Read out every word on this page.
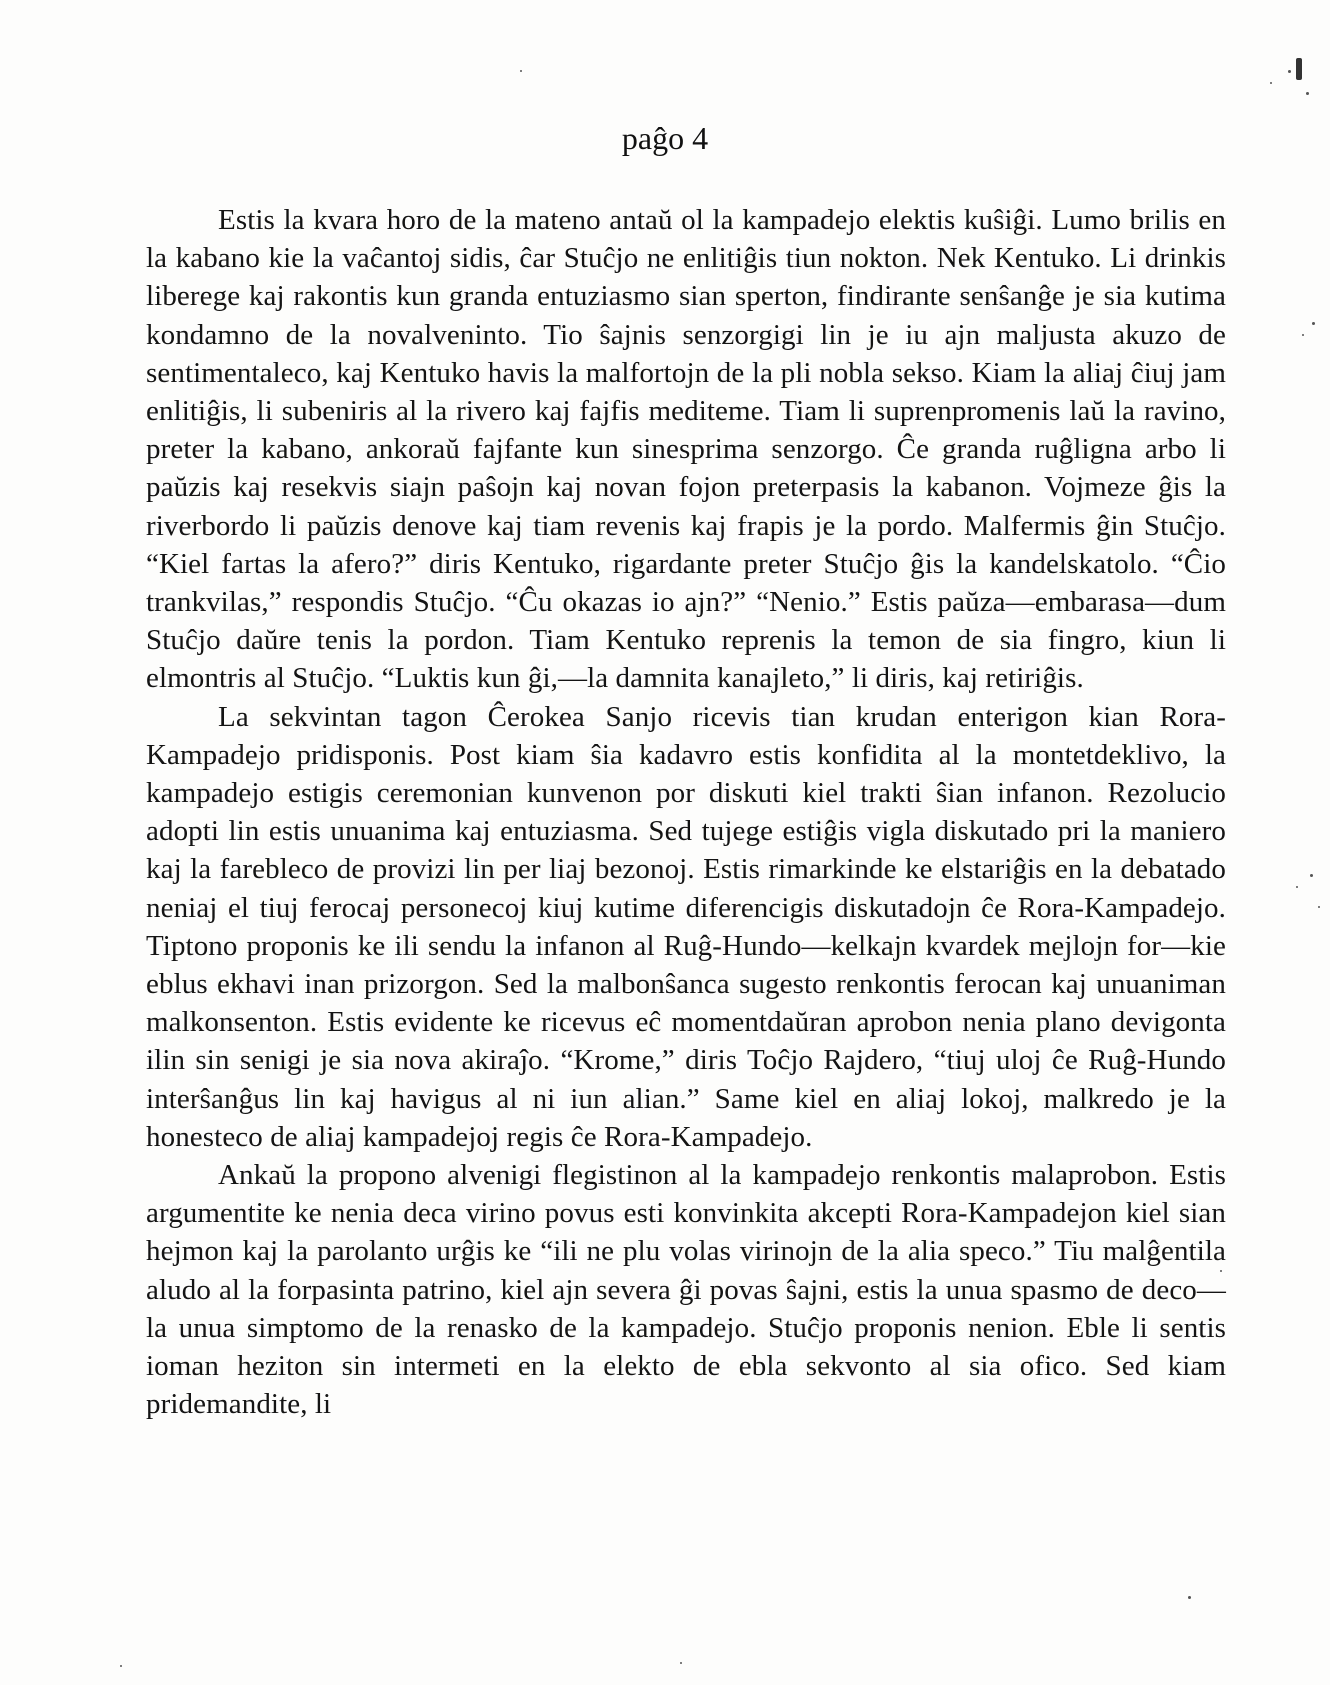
paĝo 4

Estis la kvara horo de la mateno antaŭ ol la kampadejo elektis kuŝiĝi. Lumo brilis en la kabano kie la vaĉantoj sidis, ĉar Stuĉjo ne enlitiĝis tiun nokton. Nek Kentuko. Li drinkis liberege kaj rakontis kun granda entuziasmo sian sperton, findirante senŝanĝe je sia kutima kondamno de la novalveninto. Tio ŝajnis senzorgigi lin je iu ajn maljusta akuzo de sentimentaleco, kaj Kentuko havis la malfortojn de la pli nobla sekso. Kiam la aliaj ĉiuj jam enlitiĝis, li subeniris al la rivero kaj fajfis mediteme. Tiam li suprenpromenis laŭ la ravino, preter la kabano, ankoraŭ fajfante kun sinesprima senzorgo. Ĉe granda ruĝligna arbo li paŭzis kaj resekvis siajn paŝojn kaj novan fojon preterpasis la kabanon. Vojmeze ĝis la riverbordo li paŭzis denove kaj tiam revenis kaj frapis je la pordo. Malfermis ĝin Stuĉjo. “Kiel fartas la afero?” diris Kentuko, rigardante preter Stuĉjo ĝis la kandelskatolo. “Ĉio trankvilas,” respondis Stuĉjo. “Ĉu okazas io ajn?” “Nenio.” Estis paŭza—embarasa—dum Stuĉjo daŭre tenis la pordon. Tiam Kentuko reprenis la temon de sia fingro, kiun li elmontris al Stuĉjo. “Luktis kun ĝi,—la damnita kanajleto,” li diris, kaj retiriĝis.

La sekvintan tagon Ĉerokea Sanjo ricevis tian krudan enterigon kian Rora-Kampadejo pridisponis. Post kiam ŝia kadavro estis konfidita al la montetdeklivo, la kampadejo estigis ceremonian kunvenon por diskuti kiel trakti ŝian infanon. Rezolucio adopti lin estis unuanima kaj entuziasma. Sed tujege estiĝis vigla diskutado pri la maniero kaj la farebleco de provizi lin per liaj bezonoj. Estis rimarkinde ke elstariĝis en la debatado neniaj el tiuj ferocaj personecoj kiuj kutime diferencigis diskutadojn ĉe Rora-Kampadejo. Tiptono proponis ke ili sendu la infanon al Ruĝ-Hundo—kelkajn kvardek mejlojn for—kie eblus ekhavi inan prizorgon. Sed la malbonŝanca sugesto renkontis ferocan kaj unuaniman malkonsenton. Estis evidente ke ricevus eĉ momentdaŭran aprobon nenia plano devigonta ilin sin senigi je sia nova akiraĵo. “Krome,” diris Toĉjo Rajdero, “tiuj uloj ĉe Ruĝ-Hundo interŝanĝus lin kaj havigus al ni iun alian.” Same kiel en aliaj lokoj, malkredo je la honesteco de aliaj kampadejoj regis ĉe Rora-Kampadejo.

Ankaŭ la propono alvenigi flegistinon al la kampadejo renkontis malaprobon. Estis argumentite ke nenia deca virino povus esti konvinkita akcepti Rora-Kampadejon kiel sian hejmon kaj la parolanto urĝis ke “ili ne plu volas virinojn de la alia speco.” Tiu malĝentila aludo al la forpasinta patrino, kiel ajn severa ĝi povas ŝajni, estis la unua spasmo de deco—la unua simptomo de la renasko de la kampadejo. Stuĉjo proponis nenion. Eble li sentis ioman heziton sin intermeti en la elekto de ebla sekvonto al sia ofico. Sed kiam pridemandite, li
